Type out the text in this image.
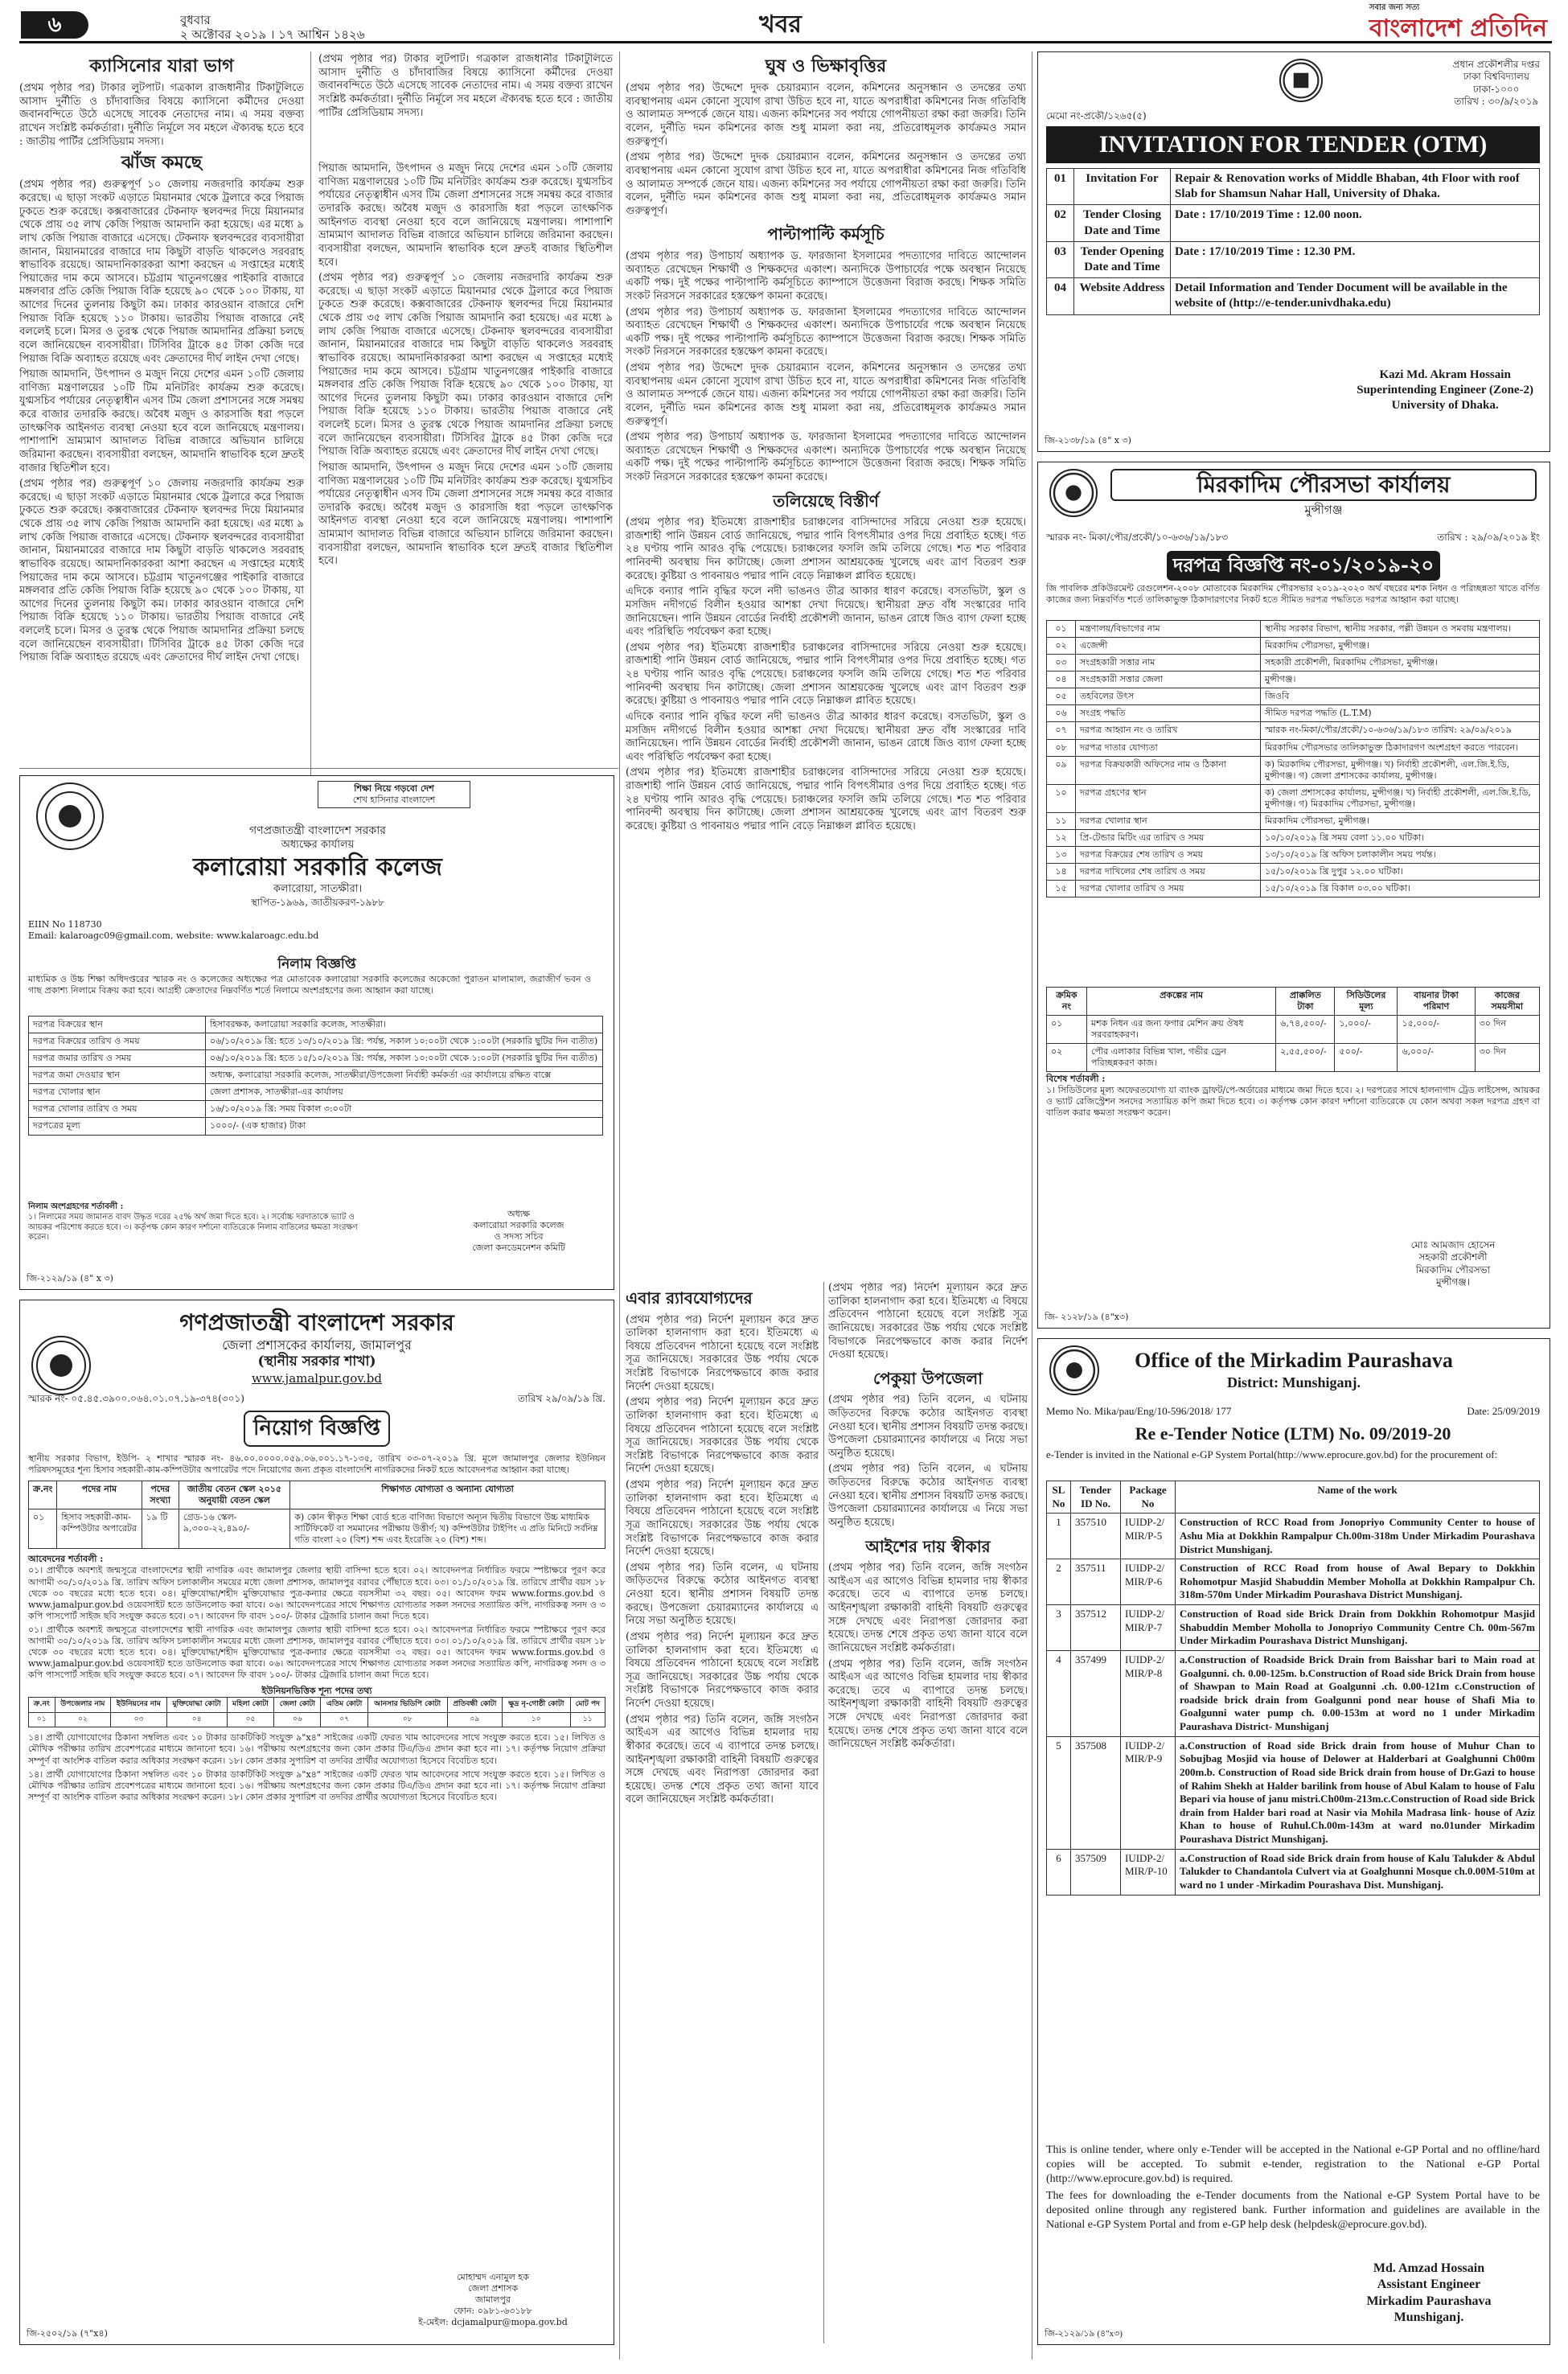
৬	বুধবার
২ অক্টোবর ২০১৯ । ১৭ আশ্বিন ১৪২৬	খবর
সবার জন্য সত্য
বাংলাদেশ প্রতিদিন
ক্যাসিনোর যারা ভাগ

(প্রথম পৃষ্ঠার পর) টাকার লুটপাট। গত্রকাল রাজধানীর টিকাটুলিতে আসাদ দুর্নীতি ও চাঁদাবাজির বিষয়ে ক্যাসিনো কর্মীদের দেওয়া জবানবন্দিতে উঠে এসেছে সাবেক নেতাদের নাম। এ সময় বক্তব্য রাখেন সংশ্লিষ্ট কর্মকর্তারা। দুর্নীতি নির্মূলে সব মহলে ঐক্যবদ্ধ হতে হবে : জাতীয় পার্টির প্রেসিডিয়াম সদস্য।

ঝাঁজ কমছে

(প্রথম পৃষ্ঠার পর) গুরুত্বপূর্ণ ১০ জেলায় নজরদারি কার্যক্রম শুরু করেছে। এ ছাড়া সংকট এড়াতে মিয়ানমার থেকে ট্রলারে করে পিয়াজ ঢুকতে শুরু করেছে। কক্সবাজারের টেকনাফ স্থলবন্দর দিয়ে মিয়ানমার থেকে প্রায় ৩৫ লাখ কেজি পিয়াজ আমদানি করা হয়েছে। এর মধ্যে ৯ লাখ কেজি পিয়াজ বাজারে এসেছে। টেকনাফ স্থলবন্দরের ব্যবসায়ীরা জানান, মিয়ানমারের বাজারে দাম কিছুটা বাড়তি থাকলেও সরবরাহ স্বাভাবিক রয়েছে। আমদানিকারকরা আশা করছেন এ সপ্তাহের মধ্যেই পিয়াজের দাম কমে আসবে। চট্টগ্রাম খাতুনগঞ্জের পাইকারি বাজারে মঙ্গলবার প্রতি কেজি পিয়াজ বিক্রি হয়েছে ৯০ থেকে ১০০ টাকায়, যা আগের দিনের তুলনায় কিছুটা কম। ঢাকার কারওয়ান বাজারে দেশি পিয়াজ বিক্রি হয়েছে ১১০ টাকায়। ভারতীয় পিয়াজ বাজারে নেই বললেই চলে। মিসর ও তুরস্ক থেকে পিয়াজ আমদানির প্রক্রিয়া চলছে বলে জানিয়েছেন ব্যবসায়ীরা। টিসিবির ট্রাকে ৪৫ টাকা কেজি দরে পিয়াজ বিক্রি অব্যাহত রয়েছে এবং ক্রেতাদের দীর্ঘ লাইন দেখা গেছে।

পিয়াজ আমদানি, উৎপাদন ও মজুদ নিয়ে দেশের এমন ১০টি জেলায় বাণিজ্য মন্ত্রণালয়ের ১০টি টিম মনিটরিং কার্যক্রম শুরু করেছে। যুগ্মসচিব পর্যায়ের নেতৃত্বাধীন এসব টিম জেলা প্রশাসনের সঙ্গে সমন্বয় করে বাজার তদারকি করছে। অবৈধ মজুদ ও কারসাজি ধরা পড়লে তাৎক্ষণিক আইনগত ব্যবস্থা নেওয়া হবে বলে জানিয়েছে মন্ত্রণালয়। পাশাপাশি ভ্রাম্যমাণ আদালত বিভিন্ন বাজারে অভিযান চালিয়ে জরিমানা করছেন। ব্যবসায়ীরা বলছেন, আমদানি স্বাভাবিক হলে দ্রুতই বাজার স্থিতিশীল হবে।

(প্রথম পৃষ্ঠার পর) গুরুত্বপূর্ণ ১০ জেলায় নজরদারি কার্যক্রম শুরু করেছে। এ ছাড়া সংকট এড়াতে মিয়ানমার থেকে ট্রলারে করে পিয়াজ ঢুকতে শুরু করেছে। কক্সবাজারের টেকনাফ স্থলবন্দর দিয়ে মিয়ানমার থেকে প্রায় ৩৫ লাখ কেজি পিয়াজ আমদানি করা হয়েছে। এর মধ্যে ৯ লাখ কেজি পিয়াজ বাজারে এসেছে। টেকনাফ স্থলবন্দরের ব্যবসায়ীরা জানান, মিয়ানমারের বাজারে দাম কিছুটা বাড়তি থাকলেও সরবরাহ স্বাভাবিক রয়েছে। আমদানিকারকরা আশা করছেন এ সপ্তাহের মধ্যেই পিয়াজের দাম কমে আসবে। চট্টগ্রাম খাতুনগঞ্জের পাইকারি বাজারে মঙ্গলবার প্রতি কেজি পিয়াজ বিক্রি হয়েছে ৯০ থেকে ১০০ টাকায়, যা আগের দিনের তুলনায় কিছুটা কম। ঢাকার কারওয়ান বাজারে দেশি পিয়াজ বিক্রি হয়েছে ১১০ টাকায়। ভারতীয় পিয়াজ বাজারে নেই বললেই চলে। মিসর ও তুরস্ক থেকে পিয়াজ আমদানির প্রক্রিয়া চলছে বলে জানিয়েছেন ব্যবসায়ীরা। টিসিবির ট্রাকে ৪৫ টাকা কেজি দরে পিয়াজ বিক্রি অব্যাহত রয়েছে এবং ক্রেতাদের দীর্ঘ লাইন দেখা গেছে।

(প্রথম পৃষ্ঠার পর) টাকার লুটপাট। গত্রকাল রাজধানীর টিকাটুলিতে আসাদ দুর্নীতি ও চাঁদাবাজির বিষয়ে ক্যাসিনো কর্মীদের দেওয়া জবানবন্দিতে উঠে এসেছে সাবেক নেতাদের নাম। এ সময় বক্তব্য রাখেন সংশ্লিষ্ট কর্মকর্তারা। দুর্নীতি নির্মূলে সব মহলে ঐক্যবদ্ধ হতে হবে : জাতীয় পার্টির প্রেসিডিয়াম সদস্য।

পিয়াজ আমদানি, উৎপাদন ও মজুদ নিয়ে দেশের এমন ১০টি জেলায় বাণিজ্য মন্ত্রণালয়ের ১০টি টিম মনিটরিং কার্যক্রম শুরু করেছে। যুগ্মসচিব পর্যায়ের নেতৃত্বাধীন এসব টিম জেলা প্রশাসনের সঙ্গে সমন্বয় করে বাজার তদারকি করছে। অবৈধ মজুদ ও কারসাজি ধরা পড়লে তাৎক্ষণিক আইনগত ব্যবস্থা নেওয়া হবে বলে জানিয়েছে মন্ত্রণালয়। পাশাপাশি ভ্রাম্যমাণ আদালত বিভিন্ন বাজারে অভিযান চালিয়ে জরিমানা করছেন। ব্যবসায়ীরা বলছেন, আমদানি স্বাভাবিক হলে দ্রুতই বাজার স্থিতিশীল হবে।

(প্রথম পৃষ্ঠার পর) গুরুত্বপূর্ণ ১০ জেলায় নজরদারি কার্যক্রম শুরু করেছে। এ ছাড়া সংকট এড়াতে মিয়ানমার থেকে ট্রলারে করে পিয়াজ ঢুকতে শুরু করেছে। কক্সবাজারের টেকনাফ স্থলবন্দর দিয়ে মিয়ানমার থেকে প্রায় ৩৫ লাখ কেজি পিয়াজ আমদানি করা হয়েছে। এর মধ্যে ৯ লাখ কেজি পিয়াজ বাজারে এসেছে। টেকনাফ স্থলবন্দরের ব্যবসায়ীরা জানান, মিয়ানমারের বাজারে দাম কিছুটা বাড়তি থাকলেও সরবরাহ স্বাভাবিক রয়েছে। আমদানিকারকরা আশা করছেন এ সপ্তাহের মধ্যেই পিয়াজের দাম কমে আসবে। চট্টগ্রাম খাতুনগঞ্জের পাইকারি বাজারে মঙ্গলবার প্রতি কেজি পিয়াজ বিক্রি হয়েছে ৯০ থেকে ১০০ টাকায়, যা আগের দিনের তুলনায় কিছুটা কম। ঢাকার কারওয়ান বাজারে দেশি পিয়াজ বিক্রি হয়েছে ১১০ টাকায়। ভারতীয় পিয়াজ বাজারে নেই বললেই চলে। মিসর ও তুরস্ক থেকে পিয়াজ আমদানির প্রক্রিয়া চলছে বলে জানিয়েছেন ব্যবসায়ীরা। টিসিবির ট্রাকে ৪৫ টাকা কেজি দরে পিয়াজ বিক্রি অব্যাহত রয়েছে এবং ক্রেতাদের দীর্ঘ লাইন দেখা গেছে।

পিয়াজ আমদানি, উৎপাদন ও মজুদ নিয়ে দেশের এমন ১০টি জেলায় বাণিজ্য মন্ত্রণালয়ের ১০টি টিম মনিটরিং কার্যক্রম শুরু করেছে। যুগ্মসচিব পর্যায়ের নেতৃত্বাধীন এসব টিম জেলা প্রশাসনের সঙ্গে সমন্বয় করে বাজার তদারকি করছে। অবৈধ মজুদ ও কারসাজি ধরা পড়লে তাৎক্ষণিক আইনগত ব্যবস্থা নেওয়া হবে বলে জানিয়েছে মন্ত্রণালয়। পাশাপাশি ভ্রাম্যমাণ আদালত বিভিন্ন বাজারে অভিযান চালিয়ে জরিমানা করছেন। ব্যবসায়ীরা বলছেন, আমদানি স্বাভাবিক হলে দ্রুতই বাজার স্থিতিশীল হবে।

ঘুষ ও ভিক্ষাবৃত্তির

(প্রথম পৃষ্ঠার পর) উদ্দেশে দুদক চেয়ারম্যান বলেন, কমিশনের অনুসন্ধান ও তদন্তের তথ্য ব্যবস্থাপনায় এমন কোনো সুযোগ রাখা উচিত হবে না, যাতে অপরাধীরা কমিশনের নিজ গতিবিধি ও আলামত সম্পর্কে জেনে যায়। এজন্য কমিশনের সব পর্যায়ে গোপনীয়তা রক্ষা করা জরুরি। তিনি বলেন, দুর্নীতি দমন কমিশনের কাজ শুধু মামলা করা নয়, প্রতিরোধমূলক কার্যক্রমও সমান গুরুত্বপূর্ণ।

(প্রথম পৃষ্ঠার পর) উদ্দেশে দুদক চেয়ারম্যান বলেন, কমিশনের অনুসন্ধান ও তদন্তের তথ্য ব্যবস্থাপনায় এমন কোনো সুযোগ রাখা উচিত হবে না, যাতে অপরাধীরা কমিশনের নিজ গতিবিধি ও আলামত সম্পর্কে জেনে যায়। এজন্য কমিশনের সব পর্যায়ে গোপনীয়তা রক্ষা করা জরুরি। তিনি বলেন, দুর্নীতি দমন কমিশনের কাজ শুধু মামলা করা নয়, প্রতিরোধমূলক কার্যক্রমও সমান গুরুত্বপূর্ণ।

পাল্টাপাল্টি কর্মসূচি

(প্রথম পৃষ্ঠার পর) উপাচার্য অধ্যাপক ড. ফারজানা ইসলামের পদত্যাগের দাবিতে আন্দোলন অব্যাহত রেখেছেন শিক্ষার্থী ও শিক্ষকদের একাংশ। অন্যদিকে উপাচার্যের পক্ষে অবস্থান নিয়েছে একটি পক্ষ। দুই পক্ষের পাল্টাপাল্টি কর্মসূচিতে ক্যাম্পাসে উত্তেজনা বিরাজ করছে। শিক্ষক সমিতি সংকট নিরসনে সরকারের হস্তক্ষেপ কামনা করেছে।

(প্রথম পৃষ্ঠার পর) উপাচার্য অধ্যাপক ড. ফারজানা ইসলামের পদত্যাগের দাবিতে আন্দোলন অব্যাহত রেখেছেন শিক্ষার্থী ও শিক্ষকদের একাংশ। অন্যদিকে উপাচার্যের পক্ষে অবস্থান নিয়েছে একটি পক্ষ। দুই পক্ষের পাল্টাপাল্টি কর্মসূচিতে ক্যাম্পাসে উত্তেজনা বিরাজ করছে। শিক্ষক সমিতি সংকট নিরসনে সরকারের হস্তক্ষেপ কামনা করেছে।

(প্রথম পৃষ্ঠার পর) উদ্দেশে দুদক চেয়ারম্যান বলেন, কমিশনের অনুসন্ধান ও তদন্তের তথ্য ব্যবস্থাপনায় এমন কোনো সুযোগ রাখা উচিত হবে না, যাতে অপরাধীরা কমিশনের নিজ গতিবিধি ও আলামত সম্পর্কে জেনে যায়। এজন্য কমিশনের সব পর্যায়ে গোপনীয়তা রক্ষা করা জরুরি। তিনি বলেন, দুর্নীতি দমন কমিশনের কাজ শুধু মামলা করা নয়, প্রতিরোধমূলক কার্যক্রমও সমান গুরুত্বপূর্ণ।

(প্রথম পৃষ্ঠার পর) উপাচার্য অধ্যাপক ড. ফারজানা ইসলামের পদত্যাগের দাবিতে আন্দোলন অব্যাহত রেখেছেন শিক্ষার্থী ও শিক্ষকদের একাংশ। অন্যদিকে উপাচার্যের পক্ষে অবস্থান নিয়েছে একটি পক্ষ। দুই পক্ষের পাল্টাপাল্টি কর্মসূচিতে ক্যাম্পাসে উত্তেজনা বিরাজ করছে। শিক্ষক সমিতি সংকট নিরসনে সরকারের হস্তক্ষেপ কামনা করেছে।

তলিয়েছে বিস্তীর্ণ

(প্রথম পৃষ্ঠার পর) ইতিমধ্যে রাজশাহীর চরাঞ্চলের বাসিন্দাদের সরিয়ে নেওয়া শুরু হয়েছে। রাজশাহী পানি উন্নয়ন বোর্ড জানিয়েছে, পদ্মার পানি বিপৎসীমার ওপর দিয়ে প্রবাহিত হচ্ছে। গত ২৪ ঘণ্টায় পানি আরও বৃদ্ধি পেয়েছে। চরাঞ্চলের ফসলি জমি তলিয়ে গেছে। শত শত পরিবার পানিবন্দী অবস্থায় দিন কাটাচ্ছে। জেলা প্রশাসন আশ্রয়কেন্দ্র খুলেছে এবং ত্রাণ বিতরণ শুরু করেছে। কুষ্টিয়া ও পাবনায়ও পদ্মার পানি বেড়ে নিম্নাঞ্চল প্লাবিত হয়েছে।

এদিকে বন্যার পানি বৃদ্ধির ফলে নদী ভাঙনও তীব্র আকার ধারণ করেছে। বসতভিটা, স্কুল ও মসজিদ নদীগর্ভে বিলীন হওয়ার আশঙ্কা দেখা দিয়েছে। স্থানীয়রা দ্রুত বাঁধ সংস্কারের দাবি জানিয়েছেন। পানি উন্নয়ন বোর্ডের নির্বাহী প্রকৌশলী জানান, ভাঙন রোধে জিও ব্যাগ ফেলা হচ্ছে এবং পরিস্থিতি পর্যবেক্ষণ করা হচ্ছে।

(প্রথম পৃষ্ঠার পর) ইতিমধ্যে রাজশাহীর চরাঞ্চলের বাসিন্দাদের সরিয়ে নেওয়া শুরু হয়েছে। রাজশাহী পানি উন্নয়ন বোর্ড জানিয়েছে, পদ্মার পানি বিপৎসীমার ওপর দিয়ে প্রবাহিত হচ্ছে। গত ২৪ ঘণ্টায় পানি আরও বৃদ্ধি পেয়েছে। চরাঞ্চলের ফসলি জমি তলিয়ে গেছে। শত শত পরিবার পানিবন্দী অবস্থায় দিন কাটাচ্ছে। জেলা প্রশাসন আশ্রয়কেন্দ্র খুলেছে এবং ত্রাণ বিতরণ শুরু করেছে। কুষ্টিয়া ও পাবনায়ও পদ্মার পানি বেড়ে নিম্নাঞ্চল প্লাবিত হয়েছে।

এদিকে বন্যার পানি বৃদ্ধির ফলে নদী ভাঙনও তীব্র আকার ধারণ করেছে। বসতভিটা, স্কুল ও মসজিদ নদীগর্ভে বিলীন হওয়ার আশঙ্কা দেখা দিয়েছে। স্থানীয়রা দ্রুত বাঁধ সংস্কারের দাবি জানিয়েছেন। পানি উন্নয়ন বোর্ডের নির্বাহী প্রকৌশলী জানান, ভাঙন রোধে জিও ব্যাগ ফেলা হচ্ছে এবং পরিস্থিতি পর্যবেক্ষণ করা হচ্ছে।

(প্রথম পৃষ্ঠার পর) ইতিমধ্যে রাজশাহীর চরাঞ্চলের বাসিন্দাদের সরিয়ে নেওয়া শুরু হয়েছে। রাজশাহী পানি উন্নয়ন বোর্ড জানিয়েছে, পদ্মার পানি বিপৎসীমার ওপর দিয়ে প্রবাহিত হচ্ছে। গত ২৪ ঘণ্টায় পানি আরও বৃদ্ধি পেয়েছে। চরাঞ্চলের ফসলি জমি তলিয়ে গেছে। শত শত পরিবার পানিবন্দী অবস্থায় দিন কাটাচ্ছে। জেলা প্রশাসন আশ্রয়কেন্দ্র খুলেছে এবং ত্রাণ বিতরণ শুরু করেছে। কুষ্টিয়া ও পাবনায়ও পদ্মার পানি বেড়ে নিম্নাঞ্চল প্লাবিত হয়েছে।

শিক্ষা নিয়ে গড়বো দেশ
শেখ হাসিনার বাংলাদেশ
গণপ্রজাতন্ত্রী বাংলাদেশ সরকার
অধ্যক্ষের কার্যালয়
কলারোয়া সরকারি কলেজ
কলারোয়া, সাতক্ষীরা।
স্থাপিত-১৯৬৯, জাতীয়করণ-১৯৮৮
EIIN No 118730
Email: kalaroagc09@gmail.com, website: www.kalaroagc.edu.bd
নিলাম বিজ্ঞপ্তি
মাধ্যমিক ও উচ্চ শিক্ষা অধিদপ্তরের স্মারক নং ও কলেজের অধ্যক্ষের পত্র মোতাবেক কলারোয়া সরকারি কলেজের অকেজো পুরাতন মালামাল, জরাজীর্ণ ভবন ও গাছ প্রকাশ্য নিলামে বিক্রয় করা হবে। আগ্রহী ক্রেতাদের নিম্নবর্ণিত শর্তে নিলামে অংশগ্রহণের জন্য আহ্বান করা যাচ্ছে।
দরপত্র বিক্রয়ের স্থান	হিসাবরক্ষক, কলারোয়া সরকারি কলেজ, সাতক্ষীরা।
দরপত্র বিক্রয়ের তারিখ ও সময়	০৬/১০/২০১৯ খ্রি: হতে ১৩/১০/২০১৯ খ্রি: পর্যন্ত, সকাল ১০:০০টা থেকে ১:০০টা (সরকারি ছুটির দিন ব্যতীত)
দরপত্র জমার তারিখ ও সময়	০৬/১০/২০১৯ খ্রি: হতে ১৫/১০/২০১৯ খ্রি: পর্যন্ত, সকাল ১০:০০টা থেকে ১:০০টা (সরকারি ছুটির দিন ব্যতীত)
দরপত্র জমা দেওয়ার স্থান	অধ্যক্ষ, কলারোয়া সরকারি কলেজ, সাতক্ষীরা/উপজেলা নির্বাহী কর্মকর্তা এর কার্যালয়ে রক্ষিত বাক্সে
দরপত্র খোলার স্থান	জেলা প্রশাসক, সাতক্ষীরা-এর কার্যালয়
দরপত্র খোলার তারিখ ও সময়	১৬/১০/২০১৯ খ্রি: সময় বিকাল ৩:০০টা
দরপত্রের মূল্য	১০০০/- (এক হাজার) টাকা
নিলাম অংশগ্রহণের শর্তাবলী :
১। নিলামের সময় জামানত বাবদ উদ্ধৃত দরের ২৫% অর্থ জমা দিতে হবে। ২। সর্বোচ্চ দরদাতাকে ভ্যাট ও আয়কর পরিশোধ করতে হবে। ৩। কর্তৃপক্ষ কোন কারণ দর্শানো ব্যতিরেকে নিলাম বাতিলের ক্ষমতা সংরক্ষণ করেন।
অধ্যক্ষ
কলারোয়া সরকারি কলেজ
ও সদস্য সচিব
জেলা কনডেমনেশন কমিটি
জি-২১২৯/১৯ (৪" x ৩)
গণপ্রজাতন্ত্রী বাংলাদেশ সরকার
জেলা প্রশাসকের কার্যালয়, জামালপুর
(স্থানীয় সরকার শাখা)
www.jamalpur.gov.bd
স্মারক নং- ০৫.৪৫.৩৯০০.০৬৪.০১.০৭.১৯-৩৭৪(৩০১)	তারিখ ২৯/০৯/১৯ খ্রি.
নিয়োগ বিজ্ঞপ্তি
স্থানীয় সরকার বিভাগ, ইউপি- ২ শাখার স্মারক নং- ৪৬.০০.০০০০.০৫৯.০৬.০০১.১৭-১৩৫, তারিখ ০৩-০৭-২০১৯ খ্রি. মূলে জামালপুর জেলার ইউনিয়ন পরিষদসমূহের শূন্য হিসাব সহকারী-কাম-কম্পিউটার অপারেটর পদে নিয়োগের জন্য প্রকৃত বাংলাদেশি নাগরিকদের নিকট হতে আবেদনপত্র আহ্বান করা যাচ্ছে।
ক্র.নং	পদের নাম	পদের সংখ্যা	জাতীয় বেতন স্কেল ২০১৫ অনুযায়ী বেতন স্কেল	শিক্ষাগত যোগ্যতা ও অন্যান্য যোগ্যতা
০১	হিসাব সহকারী-কাম-কম্পিউটার অপারেটর	১৯ টি	গ্রেড-১৬ স্কেল- ৯,৩০০-২২,৪৯০/-	ক) কোন স্বীকৃত শিক্ষা বোর্ড হতে বাণিজ্য বিভাগে অন্যূন দ্বিতীয় বিভাগে উচ্চ মাধ্যমিক সার্টিফিকেট বা সমমানের পরীক্ষায় উত্তীর্ণ; খ) কম্পিউটার টাইপিং এ প্রতি মিনিটে সর্বনিম্ন গতি বাংলা ২০ (বিশ) শব্দ এবং ইংরেজি ২০ (বিশ) শব্দ।
আবেদনের শর্তাবলী :
০১। প্রার্থীকে অবশ্যই জন্মসূত্রে বাংলাদেশের স্থায়ী নাগরিক এবং জামালপুর জেলার স্থায়ী বাসিন্দা হতে হবে। ০২। আবেদনপত্র নির্ধারিত ফরমে স্পষ্টাক্ষরে পূরণ করে আগামী ৩০/১০/২০১৯ খ্রি. তারিখ অফিস চলাকালীন সময়ের মধ্যে জেলা প্রশাসক, জামালপুর বরাবর পৌঁছাতে হবে। ০৩। ০১/১০/২০১৯ খ্রি. তারিখে প্রার্থীর বয়স ১৮ থেকে ৩০ বছরের মধ্যে হতে হবে। ০৪। মুক্তিযোদ্ধা/শহীদ মুক্তিযোদ্ধার পুত্র-কন্যার ক্ষেত্রে বয়সসীমা ৩২ বছর। ০৫। আবেদন ফরম www.forms.gov.bd ও www.jamalpur.gov.bd ওয়েবসাইট হতে ডাউনলোড করা যাবে। ০৬। আবেদনপত্রের সাথে শিক্ষাগত যোগ্যতার সকল সনদের সত্যায়িত কপি, নাগরিকত্ব সনদ ও ৩ কপি পাসপোর্ট সাইজ ছবি সংযুক্ত করতে হবে। ০৭। আবেদন ফি বাবদ ১০০/- টাকার ট্রেজারি চালান জমা দিতে হবে।
০১। প্রার্থীকে অবশ্যই জন্মসূত্রে বাংলাদেশের স্থায়ী নাগরিক এবং জামালপুর জেলার স্থায়ী বাসিন্দা হতে হবে। ০২। আবেদনপত্র নির্ধারিত ফরমে স্পষ্টাক্ষরে পূরণ করে আগামী ৩০/১০/২০১৯ খ্রি. তারিখ অফিস চলাকালীন সময়ের মধ্যে জেলা প্রশাসক, জামালপুর বরাবর পৌঁছাতে হবে। ০৩। ০১/১০/২০১৯ খ্রি. তারিখে প্রার্থীর বয়স ১৮ থেকে ৩০ বছরের মধ্যে হতে হবে। ০৪। মুক্তিযোদ্ধা/শহীদ মুক্তিযোদ্ধার পুত্র-কন্যার ক্ষেত্রে বয়সসীমা ৩২ বছর। ০৫। আবেদন ফরম www.forms.gov.bd ও www.jamalpur.gov.bd ওয়েবসাইট হতে ডাউনলোড করা যাবে। ০৬। আবেদনপত্রের সাথে শিক্ষাগত যোগ্যতার সকল সনদের সত্যায়িত কপি, নাগরিকত্ব সনদ ও ৩ কপি পাসপোর্ট সাইজ ছবি সংযুক্ত করতে হবে। ০৭। আবেদন ফি বাবদ ১০০/- টাকার ট্রেজারি চালান জমা দিতে হবে।
ইউনিয়নভিত্তিক শূন্য পদের তথ্য
ক্র.নং	উপজেলার নাম	ইউনিয়নের নাম	মুক্তিযোদ্ধা কোটা	মহিলা কোটা	জেলা কোটা	এতিম কোটা	আনসার ভিডিপি কোটা	প্রতিবন্ধী কোটা	ক্ষুদ্র নৃ-গোষ্ঠী কোটা	মোট পদ
০১	০২	০৩	০৪	০৫	০৬	০৭	০৮	০৯	১০	১১
১৪। প্রার্থী যোগাযোগের ঠিকানা সম্বলিত এবং ১০ টাকার ডাকটিকিট সংযুক্ত ৯"x৪" সাইজের একটি ফেরত খাম আবেদনের সাথে সংযুক্ত করতে হবে। ১৫। লিখিত ও মৌখিক পরীক্ষার তারিখ প্রবেশপত্রের মাধ্যমে জানানো হবে। ১৬। পরীক্ষায় অংশগ্রহণের জন্য কোন প্রকার টিএ/ডিএ প্রদান করা হবে না। ১৭। কর্তৃপক্ষ নিয়োগ প্রক্রিয়া সম্পূর্ণ বা আংশিক বাতিল করার অধিকার সংরক্ষণ করেন। ১৮। কোন প্রকার সুপারিশ বা তদবির প্রার্থীর অযোগ্যতা হিসেবে বিবেচিত হবে।
১৪। প্রার্থী যোগাযোগের ঠিকানা সম্বলিত এবং ১০ টাকার ডাকটিকিট সংযুক্ত ৯"x৪" সাইজের একটি ফেরত খাম আবেদনের সাথে সংযুক্ত করতে হবে। ১৫। লিখিত ও মৌখিক পরীক্ষার তারিখ প্রবেশপত্রের মাধ্যমে জানানো হবে। ১৬। পরীক্ষায় অংশগ্রহণের জন্য কোন প্রকার টিএ/ডিএ প্রদান করা হবে না। ১৭। কর্তৃপক্ষ নিয়োগ প্রক্রিয়া সম্পূর্ণ বা আংশিক বাতিল করার অধিকার সংরক্ষণ করেন। ১৮। কোন প্রকার সুপারিশ বা তদবির প্রার্থীর অযোগ্যতা হিসেবে বিবেচিত হবে।
মোহাম্মদ এনামুল হক
জেলা প্রশাসক
জামালপুর
ফোন: ০৯৮১-৬৩১৮৮
ই-মেইল: dcjamalpur@mopa.gov.bd
জি-২৫০২/১৯ (৭"x৪)
এবার র‍্যাবযোগ্যদের

(প্রথম পৃষ্ঠার পর) নির্দেশ মূল্যায়ন করে দ্রুত তালিকা হালনাগাদ করা হবে। ইতিমধ্যে এ বিষয়ে প্রতিবেদন পাঠানো হয়েছে বলে সংশ্লিষ্ট সূত্র জানিয়েছে। সরকারের উচ্চ পর্যায় থেকে সংশ্লিষ্ট বিভাগকে নিরপেক্ষভাবে কাজ করার নির্দেশ দেওয়া হয়েছে।

(প্রথম পৃষ্ঠার পর) নির্দেশ মূল্যায়ন করে দ্রুত তালিকা হালনাগাদ করা হবে। ইতিমধ্যে এ বিষয়ে প্রতিবেদন পাঠানো হয়েছে বলে সংশ্লিষ্ট সূত্র জানিয়েছে। সরকারের উচ্চ পর্যায় থেকে সংশ্লিষ্ট বিভাগকে নিরপেক্ষভাবে কাজ করার নির্দেশ দেওয়া হয়েছে।

(প্রথম পৃষ্ঠার পর) নির্দেশ মূল্যায়ন করে দ্রুত তালিকা হালনাগাদ করা হবে। ইতিমধ্যে এ বিষয়ে প্রতিবেদন পাঠানো হয়েছে বলে সংশ্লিষ্ট সূত্র জানিয়েছে। সরকারের উচ্চ পর্যায় থেকে সংশ্লিষ্ট বিভাগকে নিরপেক্ষভাবে কাজ করার নির্দেশ দেওয়া হয়েছে।

(প্রথম পৃষ্ঠার পর) তিনি বলেন, এ ঘটনায় জড়িতদের বিরুদ্ধে কঠোর আইনগত ব্যবস্থা নেওয়া হবে। স্থানীয় প্রশাসন বিষয়টি তদন্ত করছে। উপজেলা চেয়ারম্যানের কার্যালয়ে এ নিয়ে সভা অনুষ্ঠিত হয়েছে।

(প্রথম পৃষ্ঠার পর) নির্দেশ মূল্যায়ন করে দ্রুত তালিকা হালনাগাদ করা হবে। ইতিমধ্যে এ বিষয়ে প্রতিবেদন পাঠানো হয়েছে বলে সংশ্লিষ্ট সূত্র জানিয়েছে। সরকারের উচ্চ পর্যায় থেকে সংশ্লিষ্ট বিভাগকে নিরপেক্ষভাবে কাজ করার নির্দেশ দেওয়া হয়েছে।

(প্রথম পৃষ্ঠার পর) তিনি বলেন, জঙ্গি সংগঠন আইএস এর আগেও বিভিন্ন হামলার দায় স্বীকার করেছে। তবে এ ব্যাপারে তদন্ত চলছে। আইনশৃঙ্খলা রক্ষাকারী বাহিনী বিষয়টি গুরুত্বের সঙ্গে দেখছে এবং নিরাপত্তা জোরদার করা হয়েছে। তদন্ত শেষে প্রকৃত তথ্য জানা যাবে বলে জানিয়েছেন সংশ্লিষ্ট কর্মকর্তারা।

(প্রথম পৃষ্ঠার পর) নির্দেশ মূল্যায়ন করে দ্রুত তালিকা হালনাগাদ করা হবে। ইতিমধ্যে এ বিষয়ে প্রতিবেদন পাঠানো হয়েছে বলে সংশ্লিষ্ট সূত্র জানিয়েছে। সরকারের উচ্চ পর্যায় থেকে সংশ্লিষ্ট বিভাগকে নিরপেক্ষভাবে কাজ করার নির্দেশ দেওয়া হয়েছে।

পেকুয়া উপজেলা

(প্রথম পৃষ্ঠার পর) তিনি বলেন, এ ঘটনায় জড়িতদের বিরুদ্ধে কঠোর আইনগত ব্যবস্থা নেওয়া হবে। স্থানীয় প্রশাসন বিষয়টি তদন্ত করছে। উপজেলা চেয়ারম্যানের কার্যালয়ে এ নিয়ে সভা অনুষ্ঠিত হয়েছে।

(প্রথম পৃষ্ঠার পর) তিনি বলেন, এ ঘটনায় জড়িতদের বিরুদ্ধে কঠোর আইনগত ব্যবস্থা নেওয়া হবে। স্থানীয় প্রশাসন বিষয়টি তদন্ত করছে। উপজেলা চেয়ারম্যানের কার্যালয়ে এ নিয়ে সভা অনুষ্ঠিত হয়েছে।

আইশের দায় স্বীকার

(প্রথম পৃষ্ঠার পর) তিনি বলেন, জঙ্গি সংগঠন আইএস এর আগেও বিভিন্ন হামলার দায় স্বীকার করেছে। তবে এ ব্যাপারে তদন্ত চলছে। আইনশৃঙ্খলা রক্ষাকারী বাহিনী বিষয়টি গুরুত্বের সঙ্গে দেখছে এবং নিরাপত্তা জোরদার করা হয়েছে। তদন্ত শেষে প্রকৃত তথ্য জানা যাবে বলে জানিয়েছেন সংশ্লিষ্ট কর্মকর্তারা।

(প্রথম পৃষ্ঠার পর) তিনি বলেন, জঙ্গি সংগঠন আইএস এর আগেও বিভিন্ন হামলার দায় স্বীকার করেছে। তবে এ ব্যাপারে তদন্ত চলছে। আইনশৃঙ্খলা রক্ষাকারী বাহিনী বিষয়টি গুরুত্বের সঙ্গে দেখছে এবং নিরাপত্তা জোরদার করা হয়েছে। তদন্ত শেষে প্রকৃত তথ্য জানা যাবে বলে জানিয়েছেন সংশ্লিষ্ট কর্মকর্তারা।

প্রধান প্রকৌশলীর দপ্তর
ঢাকা বিশ্ববিদ্যালয়
ঢাকা-১০০০
তারিখ : ৩০/৯/২০১৯
মেমো নং-প্রকৌ/১২৬৫(৫)
INVITATION FOR TENDER (OTM)
01	Invitation For	Repair & Renovation works of Middle Bhaban, 4th Floor with roof Slab for Shamsun Nahar Hall, University of Dhaka.
02	Tender Closing Date and Time	Date : 17/10/2019 Time : 12.00 noon.
03	Tender Opening Date and Time	Date : 17/10/2019 Time : 12.30 PM.
04	Website Address	Detail Information and Tender Document will be available in the website of (http://e-tender.univdhaka.edu)
Kazi Md. Akram Hossain
Superintending Engineer (Zone-2)
University of Dhaka.
জি-২১৩৮/১৯ (৪" x ৩)
মিরকাদিম পৌরসভা কার্যালয়
মুন্সীগঞ্জ
স্মারক নং- মিকা/পৌর/প্রকৌ/১০-৬৩৬/১৯/১৮৩	তারিখ : ২৯/০৯/২০১৯ ইং
দরপত্র বিজ্ঞপ্তি নং-০১/২০১৯-২০
জি পাবলিক প্রকিউরমেন্ট রেগুলেশন-২০০৮ মোতাবেক মিরকাদিম পৌরসভার ২০১৯-২০২০ অর্থ বছরের মশক নিধন ও পরিচ্ছন্নতা খাতে বর্ণিত কাজের জন্য নিম্নবর্ণিত শর্তে তালিকাভুক্ত ঠিকাদারগণের নিকট হতে সীমিত দরপত্র পদ্ধতিতে দরপত্র আহ্বান করা যাচ্ছে।
০১	মন্ত্রণালয়/বিভাগের নাম	স্থানীয় সরকার বিভাগ, স্থানীয় সরকার, পল্লী উন্নয়ন ও সমবায় মন্ত্রণালয়।
০২	এজেন্সী	মিরকাদিম পৌরসভা, মুন্সীগঞ্জ।
০৩	সংগ্রহকারী সত্তার নাম	সহকারী প্রকৌশলী, মিরকাদিম পৌরসভা, মুন্সীগঞ্জ।
০৪	সংগ্রহকারী সত্তার জেলা	মুন্সীগঞ্জ।
০৫	তহবিলের উৎস	জিওবি
০৬	সংগ্রহ পদ্ধতি	সীমিত দরপত্র পদ্ধতি (L.T.M)
০৭	দরপত্র আহ্বান নং ও তারিখ	স্মারক নং-মিকা/পৌর/প্রকৌ/১০-৬৩৬/১৯/১৮৩ তারিখ: ২৯/০৯/২০১৯
০৮	দরপত্র দাতার যোগ্যতা	মিরকাদিম পৌরসভার তালিকাভুক্ত ঠিকাদারগণ অংশগ্রহণ করতে পারবেন।
০৯	দরপত্র বিক্রয়কারী অফিসের নাম ও ঠিকানা	ক) মিরকাদিম পৌরসভা, মুন্সীগঞ্জ। খ) নির্বাহী প্রকৌশলী, এল.জি.ই.ডি, মুন্সীগঞ্জ। গ) জেলা প্রশাসকের কার্যালয়, মুন্সীগঞ্জ।
১০	দরপত্র গ্রহণের স্থান	ক) জেলা প্রশাসকের কার্যালয়, মুন্সীগঞ্জ। খ) নির্বাহী প্রকৌশলী, এল.জি.ই.ডি, মুন্সীগঞ্জ। গ) মিরকাদিম পৌরসভা, মুন্সীগঞ্জ।
১১	দরপত্র খোলার স্থান	মিরকাদিম পৌরসভা, মুন্সীগঞ্জ।
১২	প্রি-টেন্ডার মিটিং এর তারিখ ও সময়	১০/১০/২০১৯ খ্রি সময় বেলা ১১.০০ ঘটিকা।
১৩	দরপত্র বিক্রয়ের শেষ তারিখ ও সময়	১৩/১০/২০১৯ খ্রি অফিস চলাকালীন সময় পর্যন্ত।
১৪	দরপত্র দাখিলের শেষ তারিখ ও সময়	১৫/১০/২০১৯ খ্রি দুপুর ১২.০০ ঘটিকা।
১৫	দরপত্র খোলার তারিখ ও সময়	১৫/১০/২০১৯ খ্রি বিকাল ০৩.০০ ঘটিকা।
ক্রমিক নং	প্রকল্পের নাম	প্রাক্কলিত টাকা	সিডিউলের মূল্য	বায়নার টাকা পরিমাণ	কাজের সময়সীমা
০১	মশক নিধন এর জন্য ফগার মেশিন ক্রয় ঔষধ সরবরাহকরণ।	৬,৭৪,৫০০/-	১,০০০/-	১৫,০০০/-	৩০ দিন
০২	পৌর এলাকার বিভিন্ন খাল, গভীর ড্রেন পরিচ্ছন্নকরণ কাজ।	২,৫৫,৫০০/-	৫০০/-	৬,০০০/-	৩০ দিন
বিশেষ শর্তাবলী :
১। সিডিউলের মূল্য অফেরতযোগ্য যা ব্যাংক ড্রাফট/পে-অর্ডারের মাধ্যমে জমা দিতে হবে। ২। দরপত্রের সাথে হালনাগাদ ট্রেড লাইসেন্স, আয়কর ও ভ্যাট রেজিস্ট্রেশন সনদের সত্যায়িত কপি জমা দিতে হবে। ৩। কর্তৃপক্ষ কোন কারণ দর্শানো ব্যতিরেকে যে কোন অথবা সকল দরপত্র গ্রহণ বা বাতিল করার ক্ষমতা সংরক্ষণ করেন।
মোঃ আমজাদ হোসেন
সহকারী প্রকৌশলী
মিরকাদিম পৌরসভা
মুন্সীগঞ্জ।
জি- ২১২৮/১৯ (৪"x৩)
Office of the Mirkadim Paurashava
District: Munshiganj.
Memo No. Mika/pau/Eng/10-596/2018/ 177	Date: 25/09/2019
Re e-Tender Notice (LTM) No. 09/2019-20
e-Tender is invited in the National e-GP System Portal(http://www.eprocure.gov.bd) for the procurement of:
SL No	Tender ID No.	Package No	Name of the work
1	357510	IUIDP-2/ MIR/P-5	Construction of RCC Road from Jonopriyo Community Center to house of Ashu Mia at Dokkhin Rampalpur Ch.00m-318m Under Mirkadim Pourashava District Munshiganj.
2	357511	IUIDP-2/ MIR/P-6	Construction of RCC Road from house of Awal Bepary to Dokkhin Rohomotpur Masjid Shabuddin Member Moholla at Dokkhin Rampalpur Ch. 318m-570m Under Mirkadim Pourashava District Munshiganj.
3	357512	IUIDP-2/ MIR/P-7	Construction of Road side Brick Drain from Dokkhin Rohomotpur Masjid Shabuddin Member Moholla to Jonopriyo Community Centre Ch. 00m-567m Under Mirkadim Pourashava District Munshiganj.
4	357499	IUIDP-2/ MIR/P-8	a.Construction of Roadside Brick Drain from Baisshar bari to Main road at Goalgunni. ch. 0.00-125m. b.Construction of Road side Brick Drain from house of Shawpan to Main Road at Goalgunni .ch. 0.00-121m c.Construction of roadside brick drain from Goalgunni pond near house of Shafi Mia to Goalgunni water pump ch. 0.00-153m at word no 1 under Mirkadim Paurashava District- Munshiganj
5	357508	IUIDP-2/ MIR/P-9	a.Construction of Road side Brick drain from house of Muhur Chan to Sobujbag Mosjid via house of Delower at Halderbari at Goalghunni Ch00m 200m.b. Construction of Road side Brick drain from house of Dr.Gazi to house of Rahim Shekh at Halder barilink from house of Abul Kalam to house of Falu Bepari via house of janu mistri.Ch00m-213m.c.Construction of Road side Brick drain from Halder bari road at Nasir via Mohila Madrasa link- house of Aziz Khan to house of Ruhul.Ch.00m-143m at ward no.01under Mirkadim Pourashava District Munshiganj.
6	357509	IUIDP-2/ MIR/P-10	a.Construction of Road side Brick drain from house of Kalu Talukder & Abdul Talukder to Chandantola Culvert via at Goalghunni Mosque ch.0.00M-510m at ward no 1 under -Mirkadim Pourashava Dist. Munshiganj.
This is online tender, where only e-Tender will be accepted in the National e-GP Portal and no offline/hard copies will be accepted. To submit e-tender, registration to the National e-GP Portal (http://www.eprocure.gov.bd) is required.
The fees for downloading the e-Tender documents from the National e-GP System Portal have to be deposited online through any registered bank. Further information and guidelines are available in the National e-GP System Portal and from e-GP help desk (helpdesk@eprocure.gov.bd).
Md. Amzad Hossain
Assistant Engineer
Mirkadim Paurashava
Munshiganj.
জি-২১২৯/১৯ (৪"x৩)
